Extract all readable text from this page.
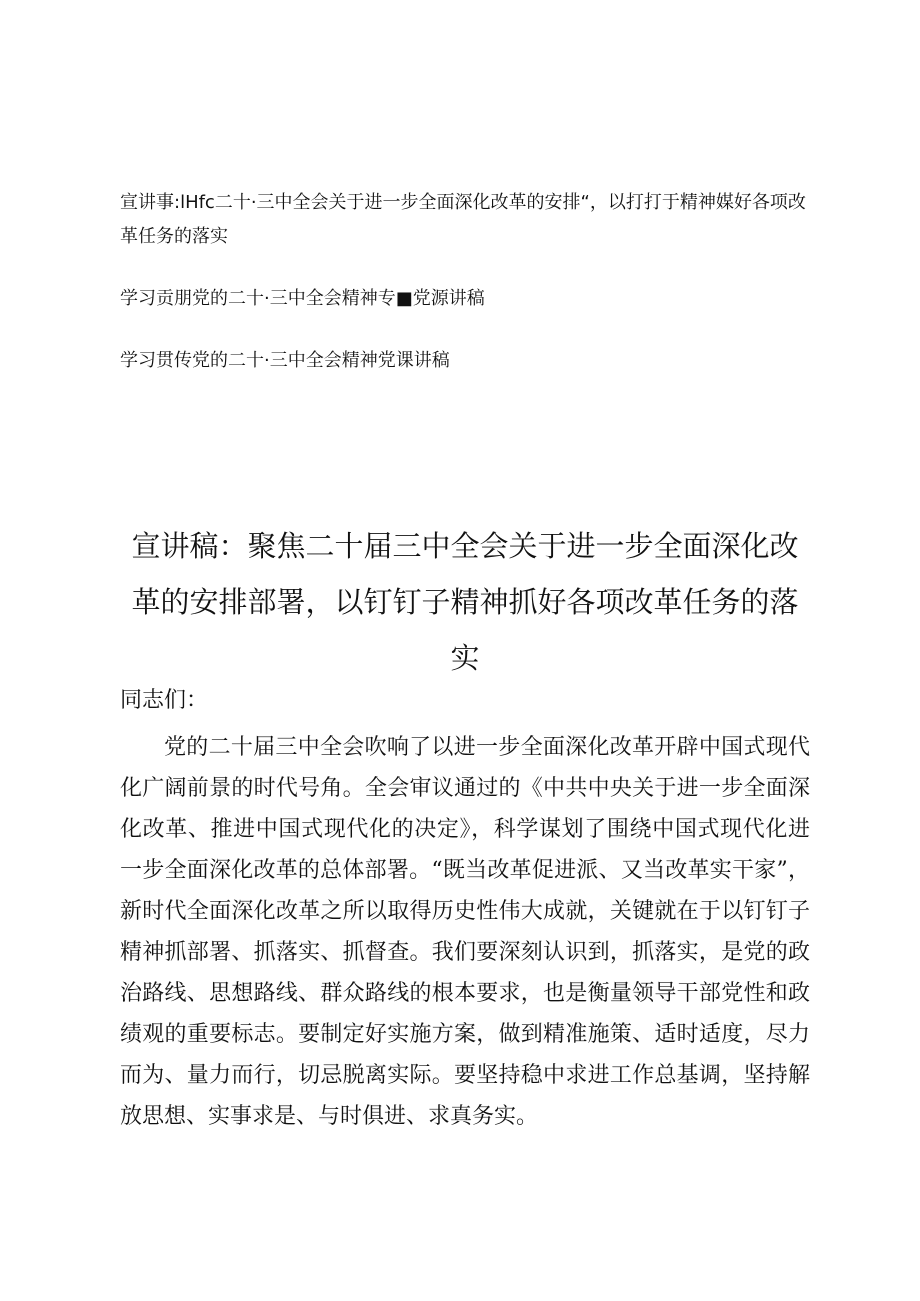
宣讲事:lHfc二十·三中全会关于进一步全面深化改革的安排“，以打打于精神媒好各项改革任务的落实
学习贡朋党的二十·三中全会精神专■党源讲稿
学习贯传党的二十·三中全会精神党课讲稿
宣讲稿：聚焦二十届三中全会关于进一步全面深化改革的安排部署，以钉钉子精神抓好各项改革任务的落实
同志们：
党的二十届三中全会吹响了以进一步全面深化改革开辟中国式现代化广阔前景的时代号角。全会审议通过的《中共中央关于进一步全面深化改革、推进中国式现代化的决定》，科学谋划了围绕中国式现代化进一步全面深化改革的总体部署。“既当改革促进派、又当改革实干家”，新时代全面深化改革之所以取得历史性伟大成就，关键就在于以钉钉子精神抓部署、抓落实、抓督查。我们要深刻认识到，抓落实，是党的政治路线、思想路线、群众路线的根本要求，也是衡量领导干部党性和政绩观的重要标志。要制定好实施方案，做到精准施策、适时适度，尽力而为、量力而行，切忌脱离实际。要坚持稳中求进工作总基调，坚持解放思想、实事求是、与时俱进、求真务实。
